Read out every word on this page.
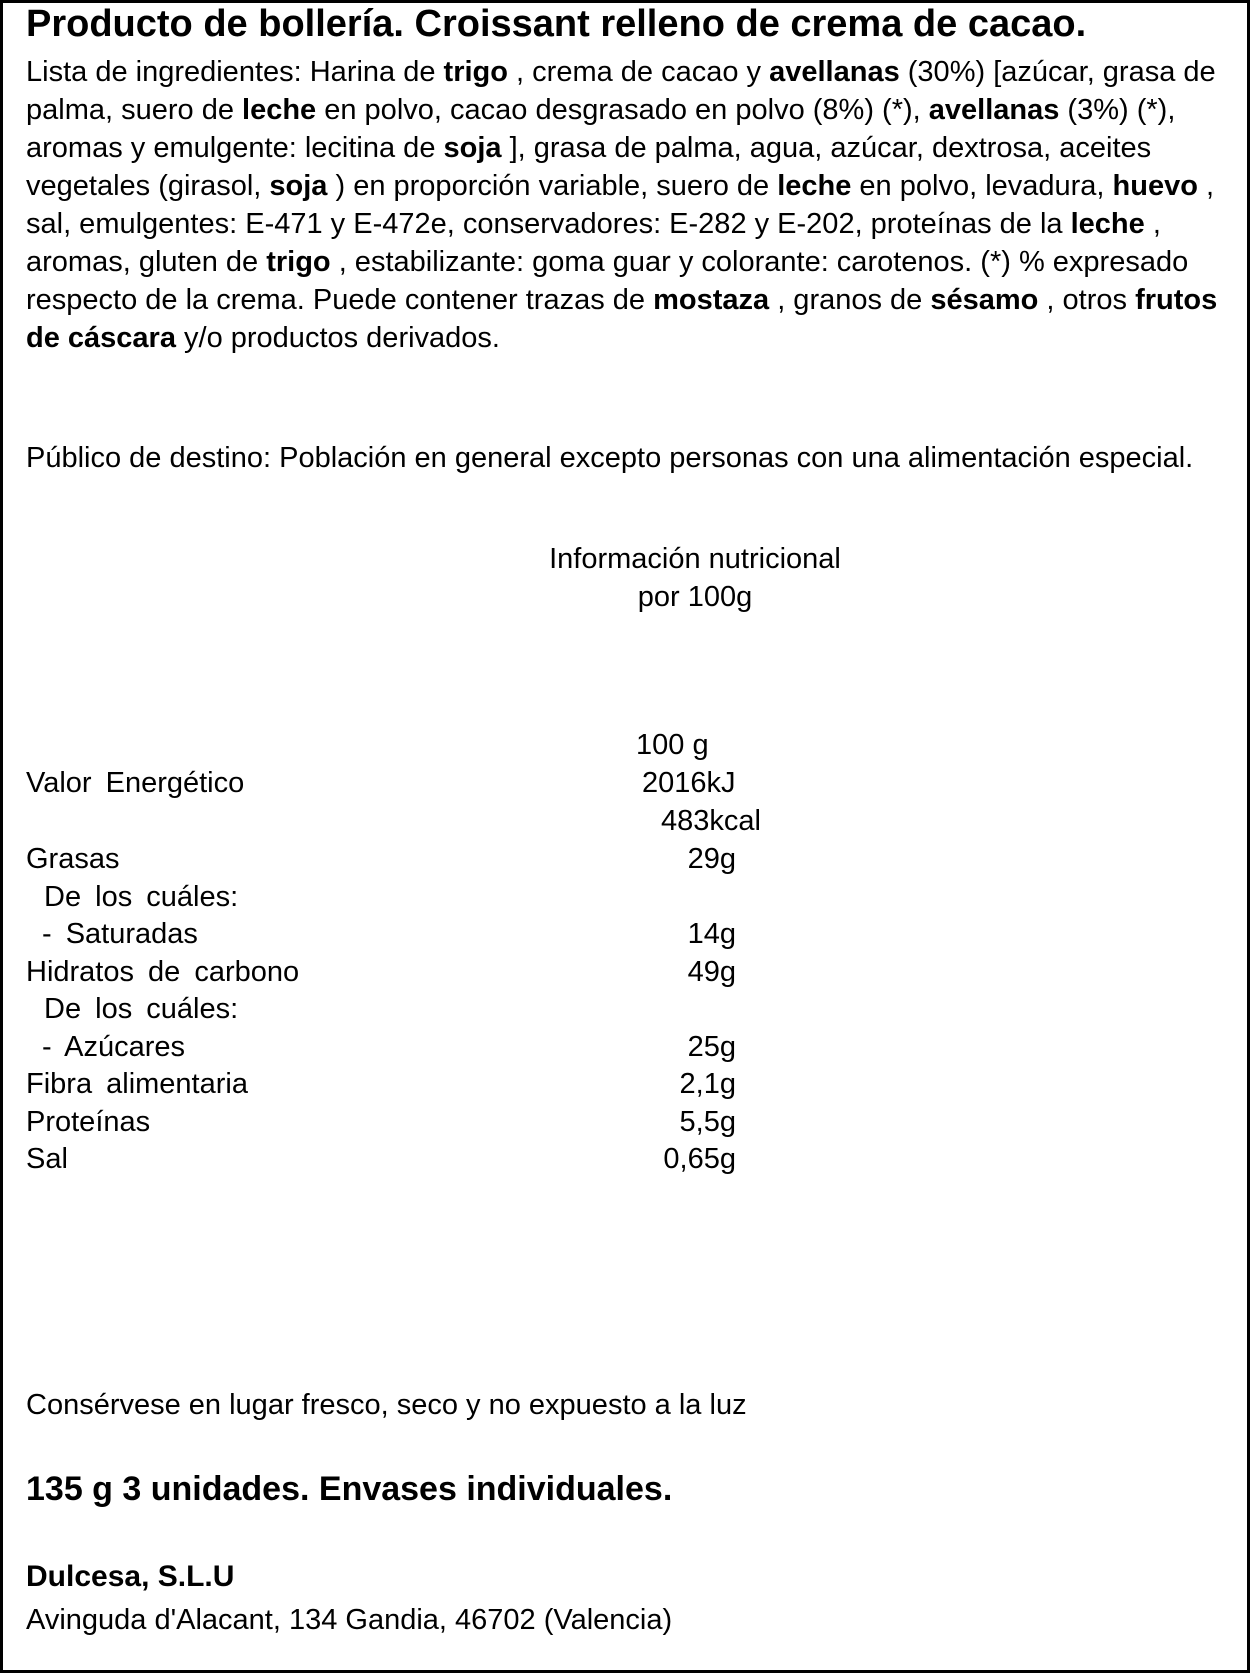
Producto de bollería. Croissant relleno de crema de cacao.

Lista de ingredientes: Harina de trigo , crema de cacao y avellanas (30%) [azúcar, grasa de palma, suero de leche en polvo, cacao desgrasado en polvo (8%) (*), avellanas (3%) (*), aromas y emulgente: lecitina de soja ], grasa de palma, agua, azúcar, dextrosa, aceites vegetales (girasol, soja ) en proporción variable, suero de leche en polvo, levadura, huevo , sal, emulgentes: E-471 y E-472e, conservadores: E-282 y E-202, proteínas de la leche , aromas, gluten de trigo , estabilizante: goma guar y colorante: carotenos. (*) % expresado respecto de la crema. Puede contener trazas de mostaza , granos de sésamo , otros frutos de cáscara y/o productos derivados.

Público de destino: Población en general excepto personas con una alimentación especial.

Información nutricional
por 100g
100 g
Valor Energético	2016kJ
483kcal
Grasas	29g
De los cuáles:
- Saturadas	14g
Hidratos de carbono	49g
De los cuáles:
- Azúcares	25g
Fibra alimentaria	2,1g
Proteínas	5,5g
Sal	0,65g
Consérvese en lugar fresco, seco y no expuesto a la luz
135 g 3 unidades. Envases individuales.
Dulcesa, S.L.U
Avinguda d'Alacant, 134 Gandia, 46702 (Valencia)
